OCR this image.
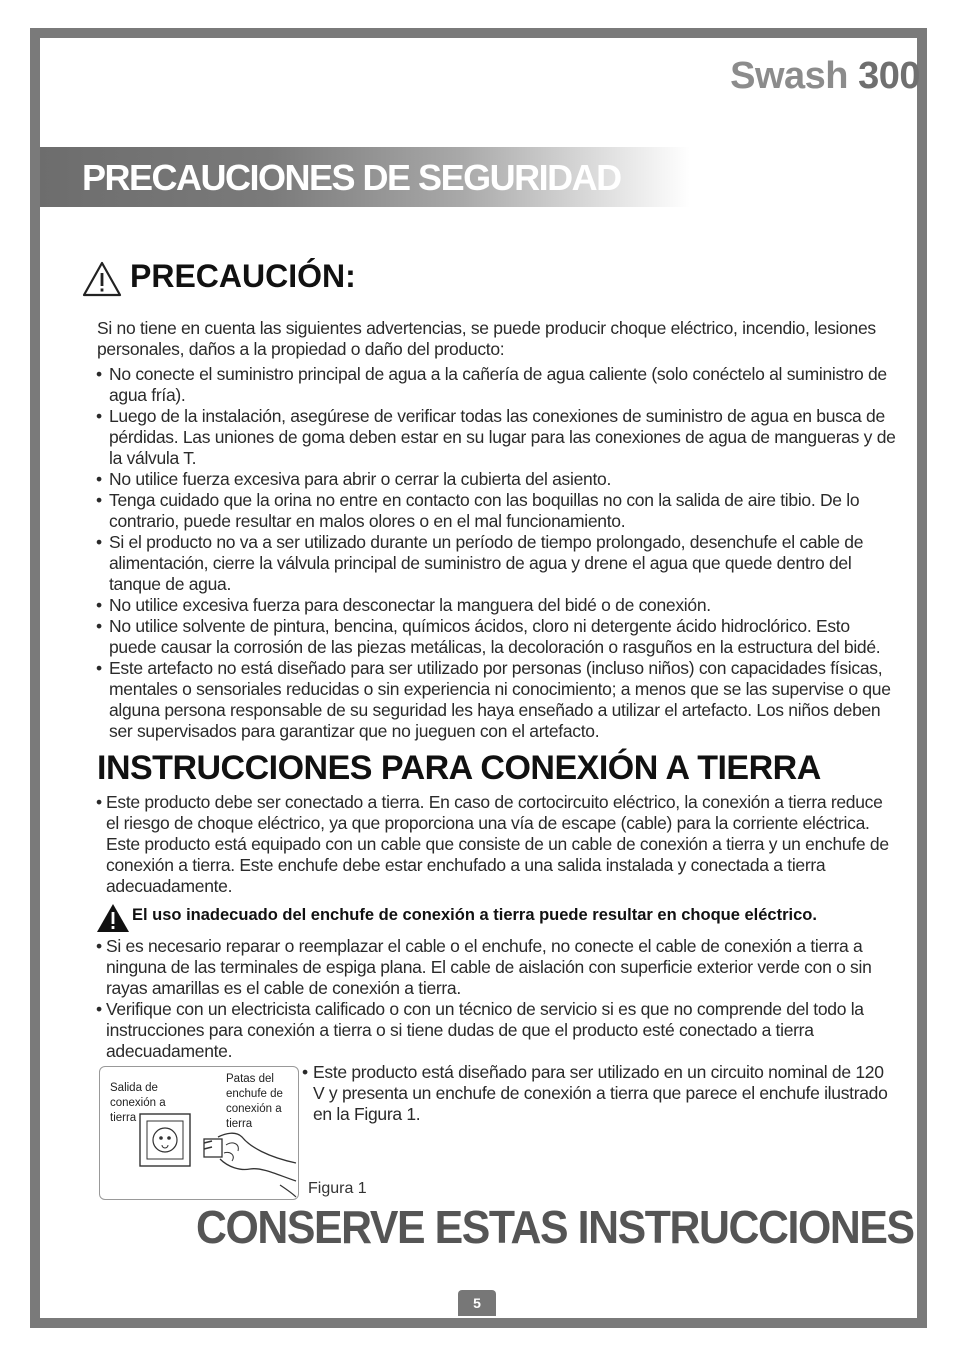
Swash 300
PRECAUCIONES DE SEGURIDAD
PRECAUCIÓN:
Si no tiene en cuenta las siguientes advertencias, se puede producir choque eléctrico, incendio, lesiones personales, daños a la propiedad o daño del producto:
• No conecte el suministro principal de agua a la cañería de agua caliente (solo conéctelo al suministro de agua fría).
• Luego de la instalación, asegúrese de verificar todas las conexiones de suministro de agua en busca de pérdidas. Las uniones de goma deben estar en su lugar para las conexiones de agua de mangueras y de la válvula T.
• No utilice fuerza excesiva para abrir o cerrar la cubierta del asiento.
• Tenga cuidado que la orina no entre en contacto con las boquillas no con la salida de aire tibio. De lo contrario, puede resultar en malos olores o en el mal funcionamiento.
• Si el producto no va a ser utilizado durante un período de tiempo prolongado, desenchufe el cable de alimentación, cierre la válvula principal de suministro de agua y drene el agua que quede dentro del tanque de agua.
• No utilice excesiva fuerza para desconectar la manguera del bidé o de conexión.
• No utilice solvente de pintura, bencina, químicos ácidos, cloro ni detergente ácido hidroclórico. Esto puede causar la corrosión de las piezas metálicas, la decoloración o rasguños en la estructura del bidé.
• Este artefacto no está diseñado para ser utilizado por personas (incluso niños) con capacidades físicas, mentales o sensoriales reducidas o sin experiencia ni conocimiento; a menos que se las supervise o que alguna persona responsable de su seguridad les haya enseñado a utilizar el artefacto. Los niños deben ser supervisados para garantizar que no jueguen con el artefacto.
INSTRUCCIONES PARA CONEXIÓN A TIERRA
• Este producto debe ser conectado a tierra. En caso de cortocircuito eléctrico, la conexión a tierra reduce el riesgo de choque eléctrico, ya que proporciona una vía de escape (cable) para la corriente eléctrica. Este producto está equipado con un cable que consiste de un cable de conexión a tierra y un enchufe de conexión a tierra. Este enchufe debe estar enchufado a una salida instalada y conectada a tierra adecuadamente.
El uso inadecuado del enchufe de conexión a tierra puede resultar en choque eléctrico.
• Si es necesario reparar o reemplazar el cable o el enchufe, no conecte el cable de conexión a tierra a ninguna de las terminales de espiga plana. El cable de aislación con superficie exterior verde con o sin rayas amarillas es el cable de conexión a tierra.
• Verifique con un electricista calificado o con un técnico de servicio si es que no comprende del todo la instrucciones para conexión a tierra o si tiene dudas de que el producto esté conectado a tierra adecuadamente.
Salida de conexión a tierra
Patas del enchufe de conexión a tierra
• Este producto está diseñado para ser utilizado en un circuito nominal de 120 V y presenta un enchufe de conexión a tierra que parece el enchufe ilustrado en la Figura 1.
Figura 1
CONSERVE ESTAS INSTRUCCIONES
5
